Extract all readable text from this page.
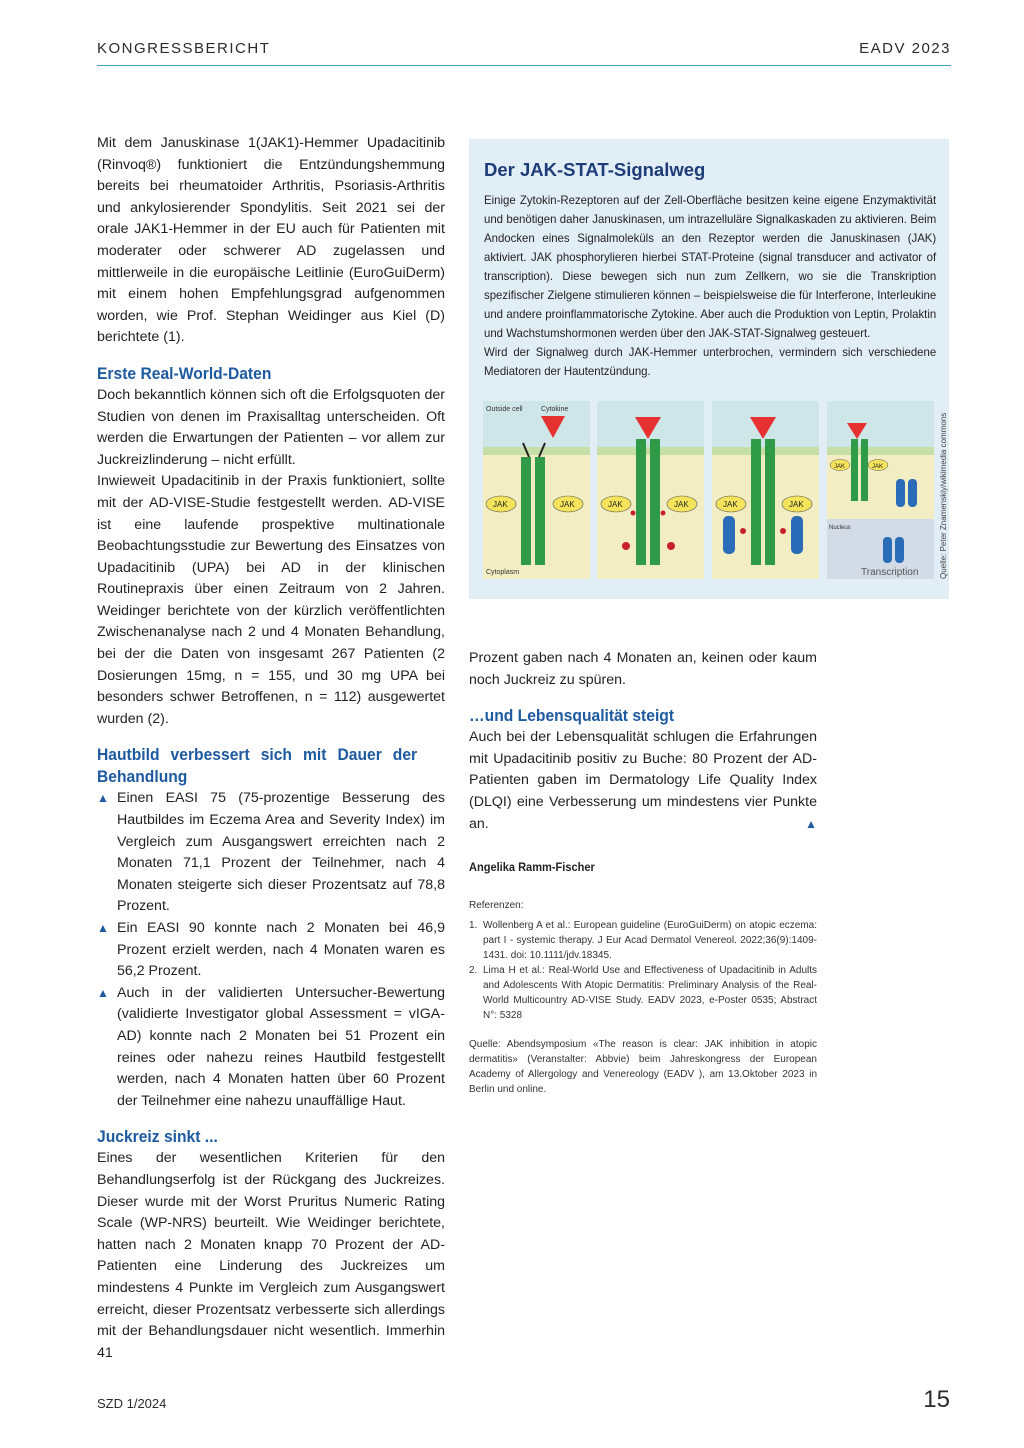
KONGRESSBERICHT	EADV 2023

Mit dem Januskinase 1(JAK1)-Hemmer Upadacitinib (Rinvoq®) funktioniert die Entzündungshemmung bereits bei rheumatoider Arthritis, Psoriasis-Arthritis und ankylosierender Spondylitis. Seit 2021 sei der orale JAK1-Hemmer in der EU auch für Patienten mit moderater oder schwerer AD zugelassen und mittlerweile in die europäische Leitlinie (EuroGuiDerm) mit einem hohen Empfehlungsgrad aufgenommen worden, wie Prof. Stephan Weidinger aus Kiel (D) berichtete (1).

Erste Real-World-Daten

Doch bekanntlich können sich oft die Erfolgsquoten der Studien von denen im Praxisalltag unterscheiden. Oft werden die Erwartungen der Patienten – vor allem zur Juckreizlinderung – nicht erfüllt.

Inwieweit Upadacitinib in der Praxis funktioniert, sollte mit der AD-VISE-Studie festgestellt werden. AD-VISE ist eine laufende prospektive multinationale Beobachtungsstudie zur Bewertung des Einsatzes von Upadacitinib (UPA) bei AD in der klinischen Routinepraxis über einen Zeitraum von 2 Jahren. Weidinger berichtete von der kürzlich veröffentlichten Zwischenanalyse nach 2 und 4 Monaten Behandlung, bei der die Daten von insgesamt 267 Patienten (2 Dosierungen 15mg, n = 155, und 30 mg UPA bei besonders schwer Betroffenen, n = 112) ausgewertet wurden (2).

Hautbild verbessert sich mit Dauer der Behandlung
▲ Einen EASI 75 (75-prozentige Besserung des Hautbildes im Eczema Area and Severity Index) im Vergleich zum Ausgangswert erreichten nach 2 Monaten 71,1 Prozent der Teilnehmer, nach 4 Monaten steigerte sich dieser Prozentsatz auf 78,8 Prozent.
▲ Ein EASI 90 konnte nach 2 Monaten bei 46,9 Prozent erzielt werden, nach 4 Monaten waren es 56,2 Prozent.
▲ Auch in der validierten Untersucher-Bewertung (validierte Investigator global Assessment = vIGA-AD) konnte nach 2 Monaten bei 51 Prozent ein reines oder nahezu reines Hautbild festgestellt werden, nach 4 Monaten hatten über 60 Prozent der Teilnehmer eine nahezu unauffällige Haut.
Juckreiz sinkt ...

Eines der wesentlichen Kriterien für den Behandlungserfolg ist der Rückgang des Juckreizes. Dieser wurde mit der Worst Pruritus Numeric Rating Scale (WP-NRS) beurteilt. Wie Weidinger berichtete, hatten nach 2 Monaten knapp 70 Prozent der AD-Patienten eine Linderung des Juckreizes um mindestens 4 Punkte im Vergleich zum Ausgangswert erreicht, dieser Prozentsatz verbesserte sich allerdings mit der Behandlungsdauer nicht wesentlich. Immerhin 41

Der JAK-STAT-Signalweg

Einige Zytokin-Rezeptoren auf der Zell-Oberfläche besitzen keine eigene Enzymaktivität und benötigen daher Januskinasen, um intrazelluläre Signalkaskaden zu aktivieren. Beim Andocken eines Signalmoleküls an den Rezeptor werden die Januskinasen (JAK) aktiviert. JAK phosphorylieren hierbei STAT-Proteine (signal transducer and activator of transcription). Diese bewegen sich nun zum Zellkern, wo sie die Transkription spezifischer Zielgene stimulieren können – beispielsweise die für Interferone, Interleukine und andere proinflammatorische Zytokine. Aber auch die Produktion von Leptin, Prolaktin und Wachstumshormonen werden über den JAK-STAT-Signalweg gesteuert.

Wird der Signalweg durch JAK-Hemmer unterbrochen, vermindern sich verschiedene Mediatoren der Hautentzündung.

Outside cell	Cytokine
JAK	JAK
Cytoplasm
JAK	JAK	JAK	JAK
JAK	JAK
Nucleus
Transcription	Quelle: Peter Znamenskiy/wikimedia commons

Prozent gaben nach 4 Monaten an, keinen oder kaum noch Juckreiz zu spüren.

…und Lebensqualität steigt

Auch bei der Lebensqualität schlugen die Erfahrungen mit Upadacitinib positiv zu Buche: 80 Prozent der AD-Patienten gaben im Dermatology Life Quality Index (DLQI) eine Verbesserung um mindestens vier Punkte an.	▲

Angelika Ramm-Fischer
Referenzen:
1. Wollenberg A et al.: European guideline (EuroGuiDerm) on atopic eczema: part I - systemic therapy. J Eur Acad Dermatol Venereol. 2022;36(9):1409-1431. doi: 10.1111/jdv.18345.
2. Lima H et al.: Real-World Use and Effectiveness of Upadacitinib in Adults and Adolescents With Atopic Dermatitis: Preliminary Analysis of the Real-World Multicountry AD-VISE Study. EADV 2023, e-Poster 0535; Abstract N°: 5328
Quelle: Abendsymposium «The reason is clear: JAK inhibition in atopic dermatitis» (Veranstalter: Abbvie) beim Jahreskongress der European Academy of Allergology and Venereology (EADV ), am 13.Oktober 2023 in Berlin und online.
SZD 1/2024	15
